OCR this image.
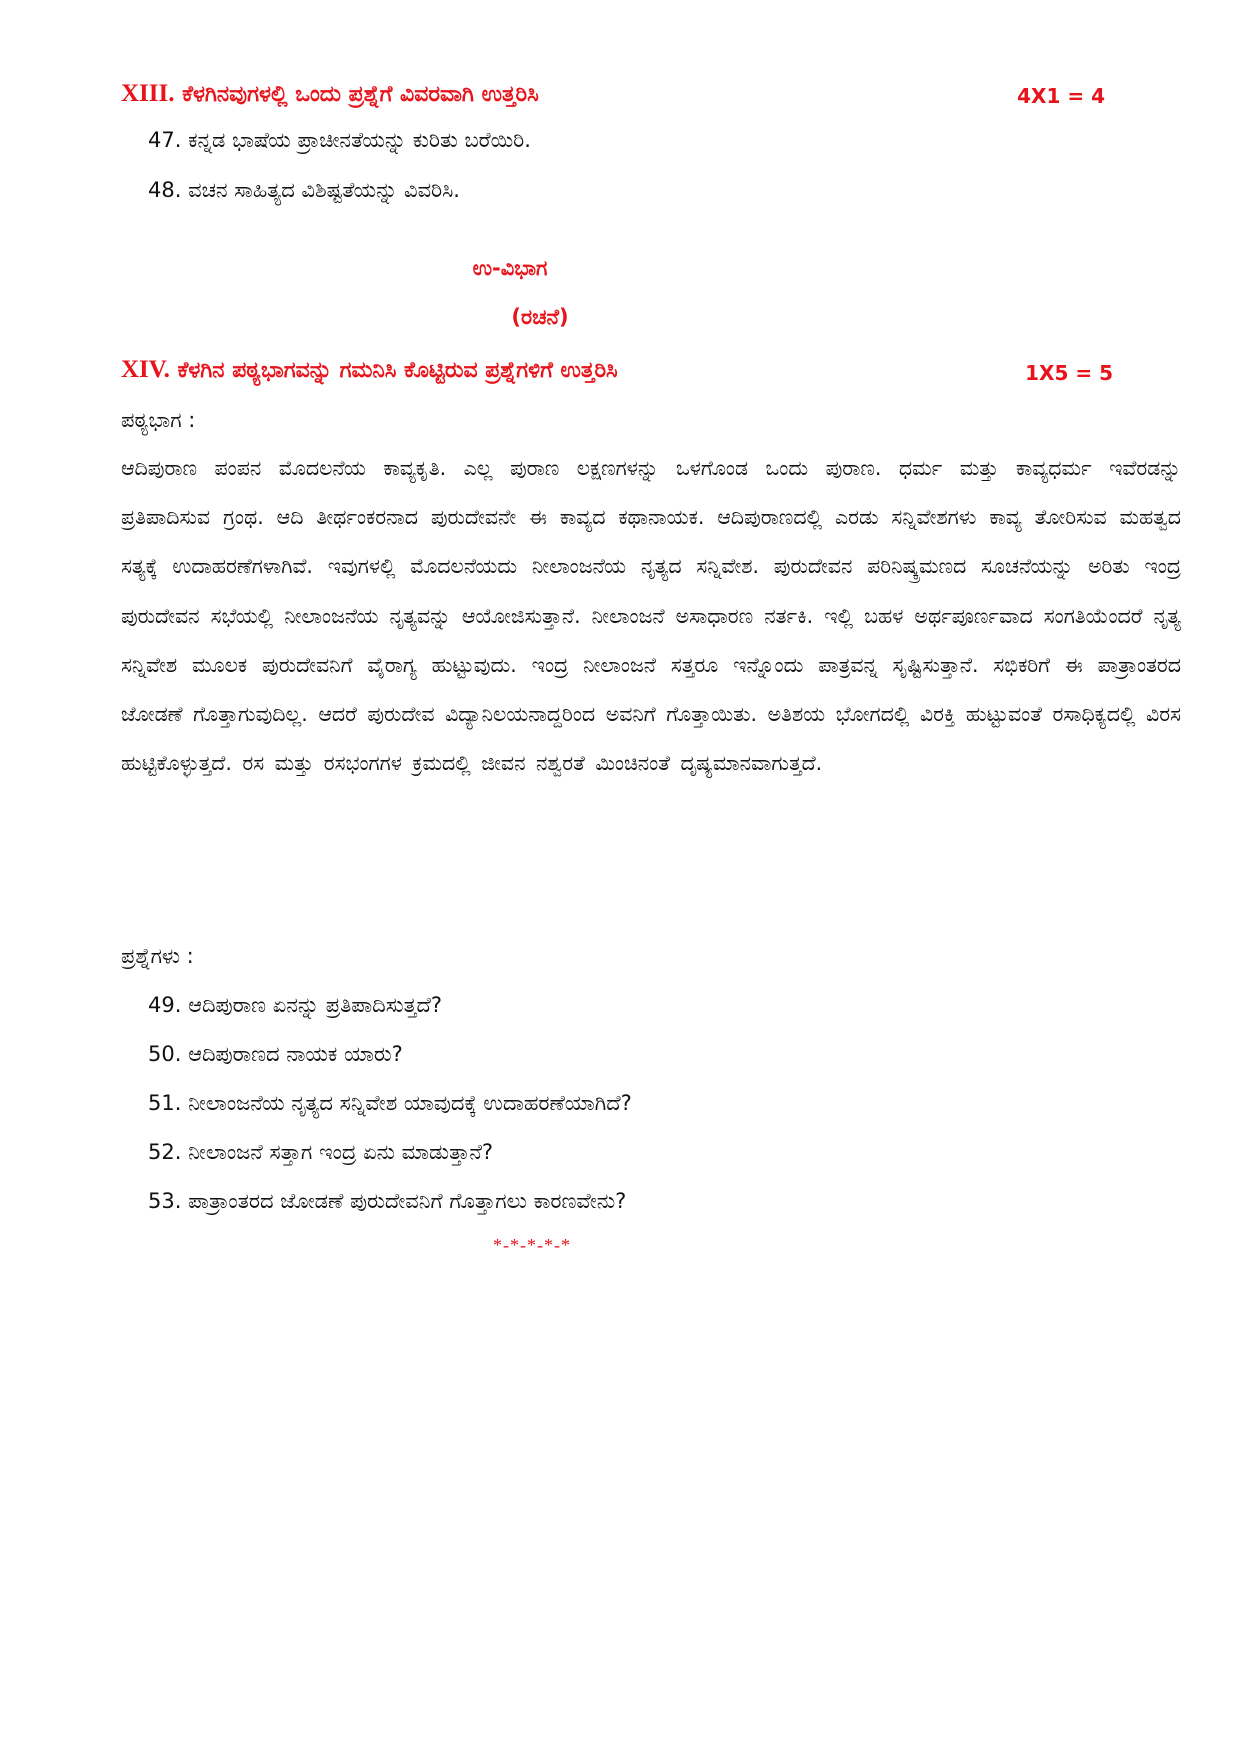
XIII. ಕೆಳಗಿನವುಗಳಲ್ಲಿ ಒಂದು ಪ್ರಶ್ನೆಗೆ ವಿವರವಾಗಿ ಉತ್ತರಿಸಿ	4X1 = 4
47. ಕನ್ನಡ ಭಾಷೆಯ ಪ್ರಾಚೀನತೆಯನ್ನು ಕುರಿತು ಬರೆಯಿರಿ.
48. ವಚನ ಸಾಹಿತ್ಯದ ವಿಶಿಷ್ಟತೆಯನ್ನು ವಿವರಿಸಿ.
ಉ-ವಿಭಾಗ
(ರಚನೆ)
XIV. ಕೆಳಗಿನ ಪಠ್ಯಭಾಗವನ್ನು ಗಮನಿಸಿ ಕೊಟ್ಟಿರುವ ಪ್ರಶ್ನೆಗಳಿಗೆ ಉತ್ತರಿಸಿ	1X5 = 5
ಪಠ್ಯಭಾಗ :
ಆದಿಪುರಾಣ ಪಂಪನ ಮೊದಲನೆಯ ಕಾವ್ಯಕೃತಿ. ಎಲ್ಲ ಪುರಾಣ ಲಕ್ಷಣಗಳನ್ನು ಒಳಗೊಂಡ ಒಂದು ಪುರಾಣ. ಧರ್ಮ ಮತ್ತು ಕಾವ್ಯಧರ್ಮ ಇವೆರಡನ್ನು ಪ್ರತಿಪಾದಿಸುವ ಗ್ರಂಥ. ಆದಿ ತೀರ್ಥಂಕರನಾದ ಪುರುದೇವನೇ ಈ ಕಾವ್ಯದ ಕಥಾನಾಯಕ. ಆದಿಪುರಾಣದಲ್ಲಿ ಎರಡು ಸನ್ನಿವೇಶಗಳು ಕಾವ್ಯ ತೋರಿಸುವ ಮಹತ್ವದ ಸತ್ಯಕ್ಕೆ ಉದಾಹರಣೆಗಳಾಗಿವೆ. ಇವುಗಳಲ್ಲಿ ಮೊದಲನೆಯದು ನೀಲಾಂಜನೆಯ ನೃತ್ಯದ ಸನ್ನಿವೇಶ. ಪುರುದೇವನ ಪರಿನಿಷ್ಕ್ರಮಣದ ಸೂಚನೆಯನ್ನು ಅರಿತು ಇಂದ್ರ ಪುರುದೇವನ ಸಭೆಯಲ್ಲಿ ನೀಲಾಂಜನೆಯ ನೃತ್ಯವನ್ನು ಆಯೋಜಿಸುತ್ತಾನೆ. ನೀಲಾಂಜನೆ ಅಸಾಧಾರಣ ನರ್ತಕಿ. ಇಲ್ಲಿ ಬಹಳ ಅರ್ಥಪೂರ್ಣವಾದ ಸಂಗತಿಯೆಂದರೆ ನೃತ್ಯ ಸನ್ನಿವೇಶ ಮೂಲಕ ಪುರುದೇವನಿಗೆ ವೈರಾಗ್ಯ ಹುಟ್ಟುವುದು. ಇಂದ್ರ ನೀಲಾಂಜನೆ ಸತ್ತರೂ ಇನ್ನೊಂದು ಪಾತ್ರವನ್ನ ಸೃಷ್ಟಿಸುತ್ತಾನೆ. ಸಭಿಕರಿಗೆ ಈ ಪಾತ್ರಾಂತರದ ಜೋಡಣೆ ಗೊತ್ತಾಗುವುದಿಲ್ಲ. ಆದರೆ ಪುರುದೇವ ವಿದ್ಯಾನಿಲಯನಾದ್ದರಿಂದ ಅವನಿಗೆ ಗೊತ್ತಾಯಿತು. ಅತಿಶಯ ಭೋಗದಲ್ಲಿ ವಿರಕ್ತಿ ಹುಟ್ಟುವಂತೆ ರಸಾಧಿಕ್ಯದಲ್ಲಿ ವಿರಸ ಹುಟ್ಟಿಕೊಳ್ಳುತ್ತದೆ. ರಸ ಮತ್ತು ರಸಭಂಗಗಳ ಕ್ರಮದಲ್ಲಿ ಜೀವನ ನಶ್ವರತೆ ಮಿಂಚಿನಂತೆ ದೃಷ್ಯಮಾನವಾಗುತ್ತದೆ.
ಪ್ರಶ್ನೆಗಳು :
49. ಆದಿಪುರಾಣ ಏನನ್ನು ಪ್ರತಿಪಾದಿಸುತ್ತದೆ?
50. ಆದಿಪುರಾಣದ ನಾಯಕ ಯಾರು?
51. ನೀಲಾಂಜನೆಯ ನೃತ್ಯದ ಸನ್ನಿವೇಶ ಯಾವುದಕ್ಕೆ ಉದಾಹರಣೆಯಾಗಿದೆ?
52. ನೀಲಾಂಜನೆ ಸತ್ತಾಗ ಇಂದ್ರ ಏನು ಮಾಡುತ್ತಾನೆ?
53. ಪಾತ್ರಾಂತರದ ಜೋಡಣೆ ಪುರುದೇವನಿಗೆ ಗೊತ್ತಾಗಲು ಕಾರಣವೇನು?
*-*-*-*-*
